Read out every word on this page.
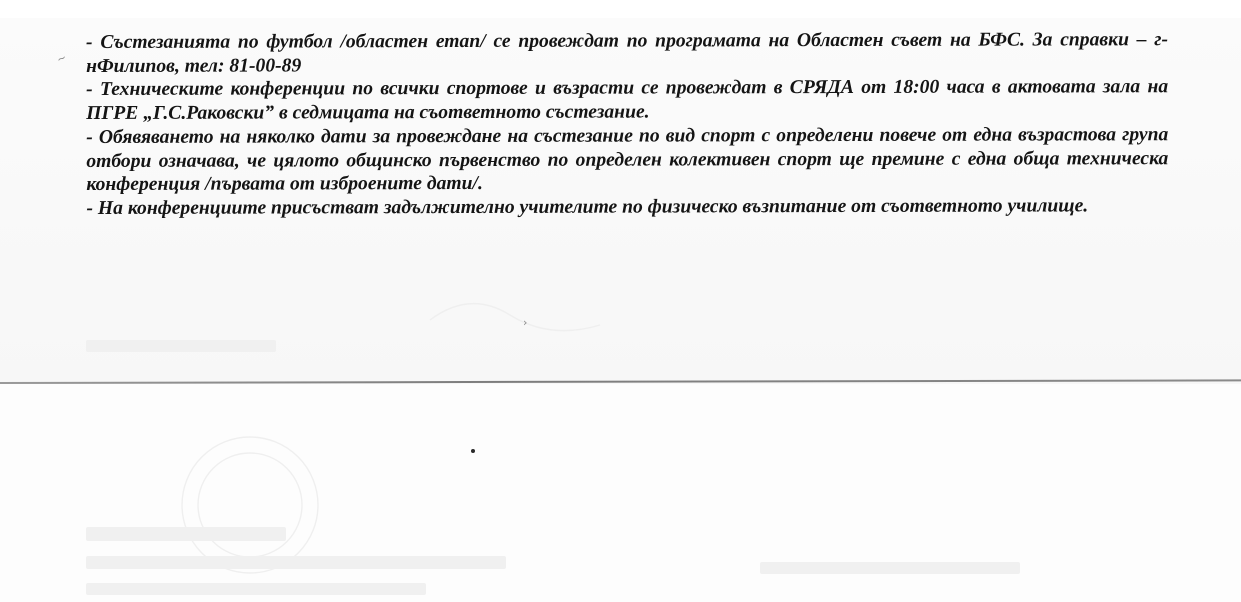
~
›

- Състезанията по футбол /областен етап/ се провеждат по програмата на Областен съвет на БФС. За справки – г-нФилипов, тел: 81-00-89

- Техническите конференции по всички спортове и възрасти се провеждат в СРЯДА от 18:00 часа в актовата зала на ПГРЕ „Г.С.Раковски” в седмицата на съответното състезание.

- Обявяването на няколко дати за провеждане на състезание по вид спорт с определени повече от една възрастова група отбори означава, че цялото общинско първенство по определен колективен спорт ще премине с една обща техническа конференция /първата от изброените дати/.

- На конференциите присъстват задължително учителите по физическо възпитание от съответното училище.
